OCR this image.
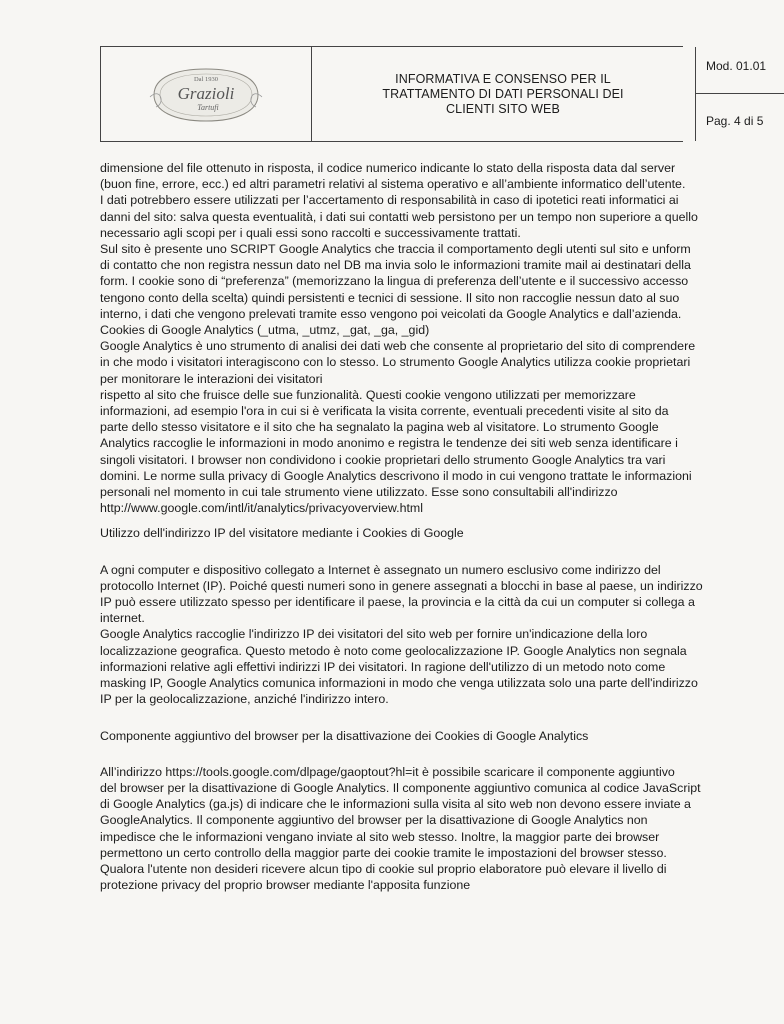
Dal 1930
Grazioli
Tartufi
INFORMATIVA E CONSENSO PER IL
TRATTAMENTO DI DATI PERSONALI DEI
CLIENTI SITO WEB
Mod. 01.01
Pag. 4 di 5
dimensione del file ottenuto in risposta, il codice numerico indicante lo stato della risposta data dal server
(buon fine, errore, ecc.) ed altri parametri relativi al sistema operativo e all’ambiente informatico dell’utente.
I dati potrebbero essere utilizzati per l’accertamento di responsabilità in caso di ipotetici reati informatici ai
danni del sito: salva questa eventualità, i dati sui contatti web persistono per un tempo non superiore a quello
necessario agli scopi per i quali essi sono raccolti e successivamente trattati.
Sul sito è presente uno SCRIPT Google Analytics che traccia il comportamento degli utenti sul sito e unform
di contatto che non registra nessun dato nel DB ma invia solo le informazioni tramite mail ai destinatari della
form. I cookie sono di “preferenza” (memorizzano la lingua di preferenza dell’utente e il successivo accesso
tengono conto della scelta) quindi persistenti e tecnici di sessione. Il sito non raccoglie nessun dato al suo
interno, i dati che vengono prelevati tramite esso vengono poi veicolati da Google Analytics e dall’azienda.
Cookies di Google Analytics (_utma, _utmz, _gat, _ga, _gid)
Google Analytics è uno strumento di analisi dei dati web che consente al proprietario del sito di comprendere
in che modo i visitatori interagiscono con lo stesso. Lo strumento Google Analytics utilizza cookie proprietari
per monitorare le interazioni dei visitatori
rispetto al sito che fruisce delle sue funzionalità. Questi cookie vengono utilizzati per memorizzare
informazioni, ad esempio l'ora in cui si è verificata la visita corrente, eventuali precedenti visite al sito da
parte dello stesso visitatore e il sito che ha segnalato la pagina web al visitatore. Lo strumento Google
Analytics raccoglie le informazioni in modo anonimo e registra le tendenze dei siti web senza identificare i
singoli visitatori. I browser non condividono i cookie proprietari dello strumento Google Analytics tra vari
domini. Le norme sulla privacy di Google Analytics descrivono il modo in cui vengono trattate le informazioni
personali nel momento in cui tale strumento viene utilizzato. Esse sono consultabili all'indirizzo
http://www.google.com/intl/it/analytics/privacyoverview.html
Utilizzo dell'indirizzo IP del visitatore mediante i Cookies di Google
A ogni computer e dispositivo collegato a Internet è assegnato un numero esclusivo come indirizzo del
protocollo Internet (IP). Poiché questi numeri sono in genere assegnati a blocchi in base al paese, un indirizzo
IP può essere utilizzato spesso per identificare il paese, la provincia e la città da cui un computer si collega a
internet.
Google Analytics raccoglie l'indirizzo IP dei visitatori del sito web per fornire un'indicazione della loro
localizzazione geografica. Questo metodo è noto come geolocalizzazione IP. Google Analytics non segnala
informazioni relative agli effettivi indirizzi IP dei visitatori. In ragione dell'utilizzo di un metodo noto come
masking IP, Google Analytics comunica informazioni in modo che venga utilizzata solo una parte dell'indirizzo
IP per la geolocalizzazione, anziché l'indirizzo intero.
Componente aggiuntivo del browser per la disattivazione dei Cookies di Google Analytics
All’indirizzo https://tools.google.com/dlpage/gaoptout?hl=it è possibile scaricare il componente aggiuntivo
del browser per la disattivazione di Google Analytics. Il componente aggiuntivo comunica al codice JavaScript
di Google Analytics (ga.js) di indicare che le informazioni sulla visita al sito web non devono essere inviate a
GoogleAnalytics. Il componente aggiuntivo del browser per la disattivazione di Google Analytics non
impedisce che le informazioni vengano inviate al sito web stesso. Inoltre, la maggior parte dei browser
permettono un certo controllo della maggior parte dei cookie tramite le impostazioni del browser stesso.
Qualora l'utente non desideri ricevere alcun tipo di cookie sul proprio elaboratore può elevare il livello di
protezione privacy del proprio browser mediante l'apposita funzione
